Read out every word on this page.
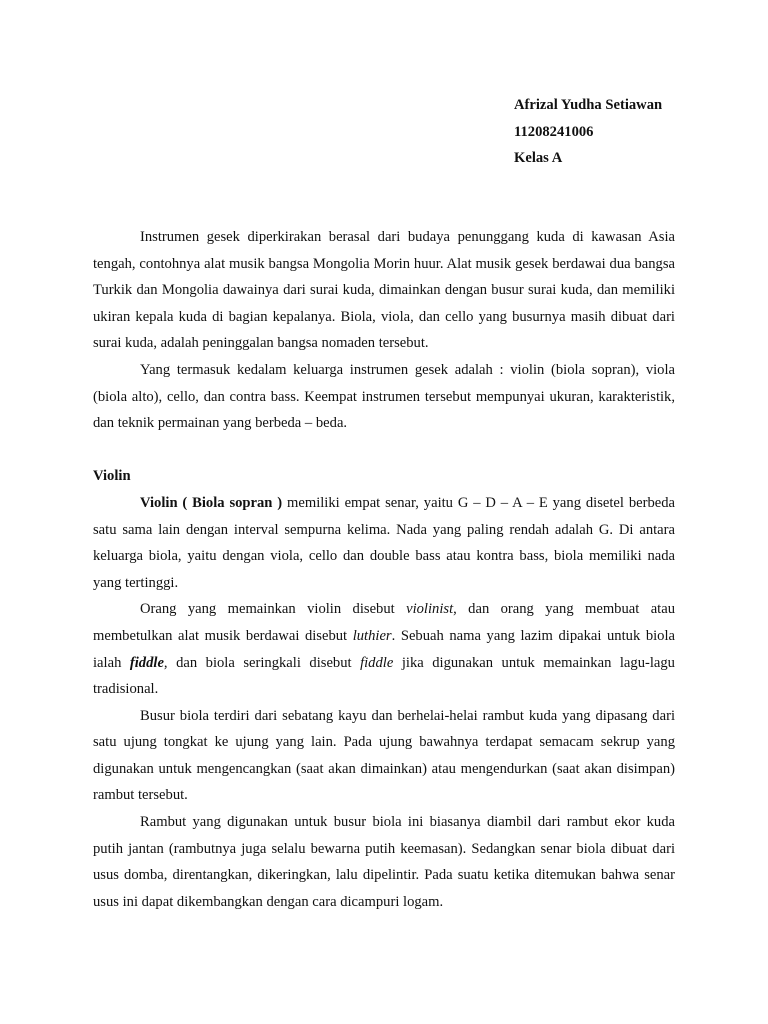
Afrizal Yudha Setiawan
11208241006
Kelas A

Instrumen gesek diperkirakan berasal dari budaya penunggang kuda di kawasan Asia tengah, contohnya alat musik bangsa Mongolia Morin huur. Alat musik gesek berdawai dua bangsa Turkik dan Mongolia dawainya dari surai kuda, dimainkan dengan busur surai kuda, dan memiliki ukiran kepala kuda di bagian kepalanya. Biola, viola, dan cello yang busurnya masih dibuat dari surai kuda, adalah peninggalan bangsa nomaden tersebut.

Yang termasuk kedalam keluarga instrumen gesek adalah : violin (biola sopran), viola (biola alto), cello, dan contra bass. Keempat instrumen tersebut mempunyai ukuran, karakteristik, dan teknik permainan yang berbeda – beda.

Violin

Violin ( Biola sopran ) memiliki empat senar, yaitu G – D – A – E yang disetel berbeda satu sama lain dengan interval sempurna kelima. Nada yang paling rendah adalah G. Di antara keluarga biola, yaitu dengan viola, cello dan double bass atau kontra bass, biola memiliki nada yang tertinggi.

Orang yang memainkan violin disebut violinist, dan orang yang membuat atau membetulkan alat musik berdawai disebut luthier. Sebuah nama yang lazim dipakai untuk biola ialah fiddle, dan biola seringkali disebut fiddle jika digunakan untuk memainkan lagu-lagu tradisional.

Busur biola terdiri dari sebatang kayu dan berhelai-helai rambut kuda yang dipasang dari satu ujung tongkat ke ujung yang lain. Pada ujung bawahnya terdapat semacam sekrup yang digunakan untuk mengencangkan (saat akan dimainkan) atau mengendurkan (saat akan disimpan) rambut tersebut.

Rambut yang digunakan untuk busur biola ini biasanya diambil dari rambut ekor kuda putih jantan (rambutnya juga selalu bewarna putih keemasan). Sedangkan senar biola dibuat dari usus domba, direntangkan, dikeringkan, lalu dipelintir. Pada suatu ketika ditemukan bahwa senar usus ini dapat dikembangkan dengan cara dicampuri logam.
